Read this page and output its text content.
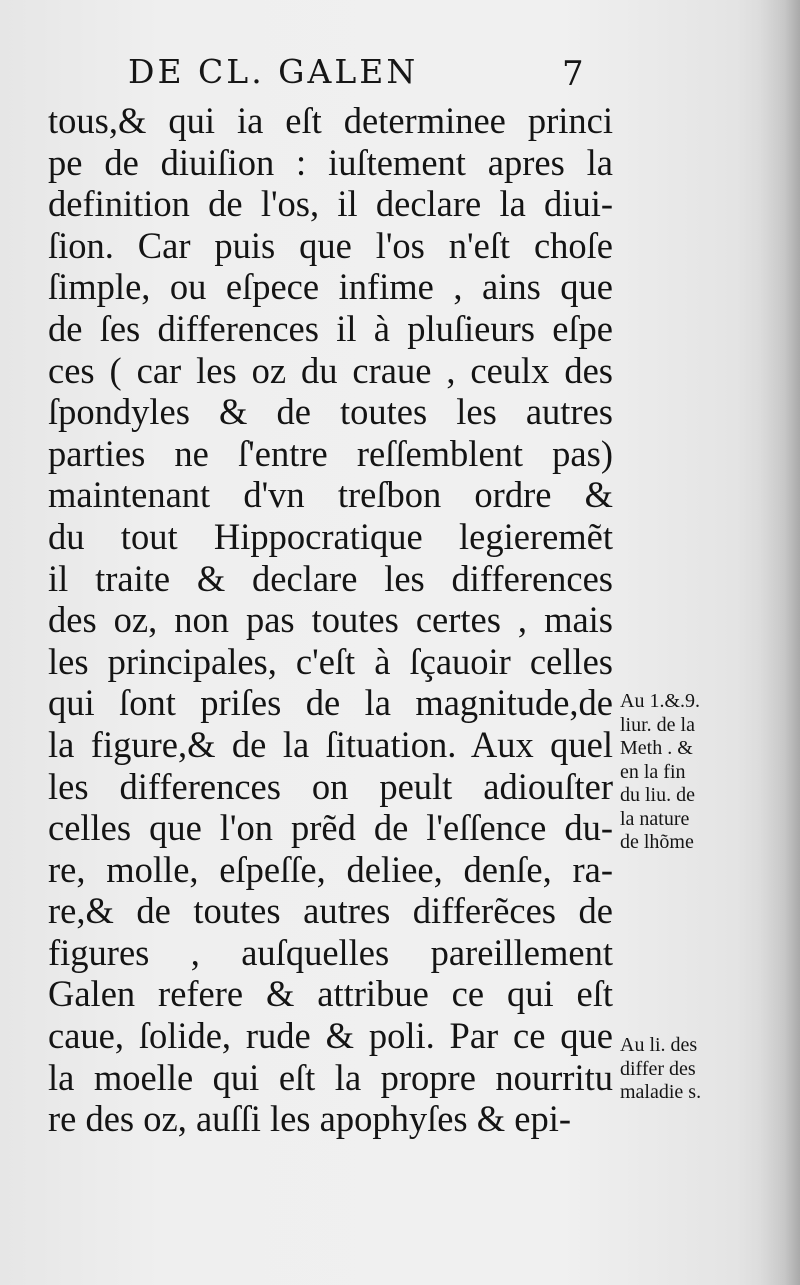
DE CL. GALEN	7
tous,& qui ia eſt determinee princi
pe de diuiſion : iuſtement apres la
definition de l'os, il declare la diui-
ſion. Car puis que l'os n'eſt choſe
ſimple, ou eſpece infime , ains que
de ſes differences il à pluſieurs eſpe
ces ( car les oz du craue , ceulx des
ſpondyles & de toutes les autres
parties ne ſ'entre reſſemblent pas)
maintenant d'vn treſbon ordre &
du tout Hippocratique legieremẽt
il traite & declare les differences
des oz, non pas toutes certes , mais
les principales, c'eſt à ſçauoir celles
qui ſont priſes de la magnitude,de
la figure,& de la ſituation. Aux quel
les differences on peult adiouſter
celles que l'on prẽd de l'eſſence du-
re, molle, eſpeſſe, deliee, denſe, ra-
re,& de toutes autres differẽces de
figures , auſquelles pareillement
Galen refere & attribue ce qui eſt
caue, ſolide, rude & poli. Par ce que
la moelle qui eſt la propre nourritu
re des oz, auſſi les apophyſes & epi-
Au 1.&.9.
liur. de la
Meth . &
en la fin
du liu. de
la nature
de lhõme
Au li. des
differ des
maladie s.
